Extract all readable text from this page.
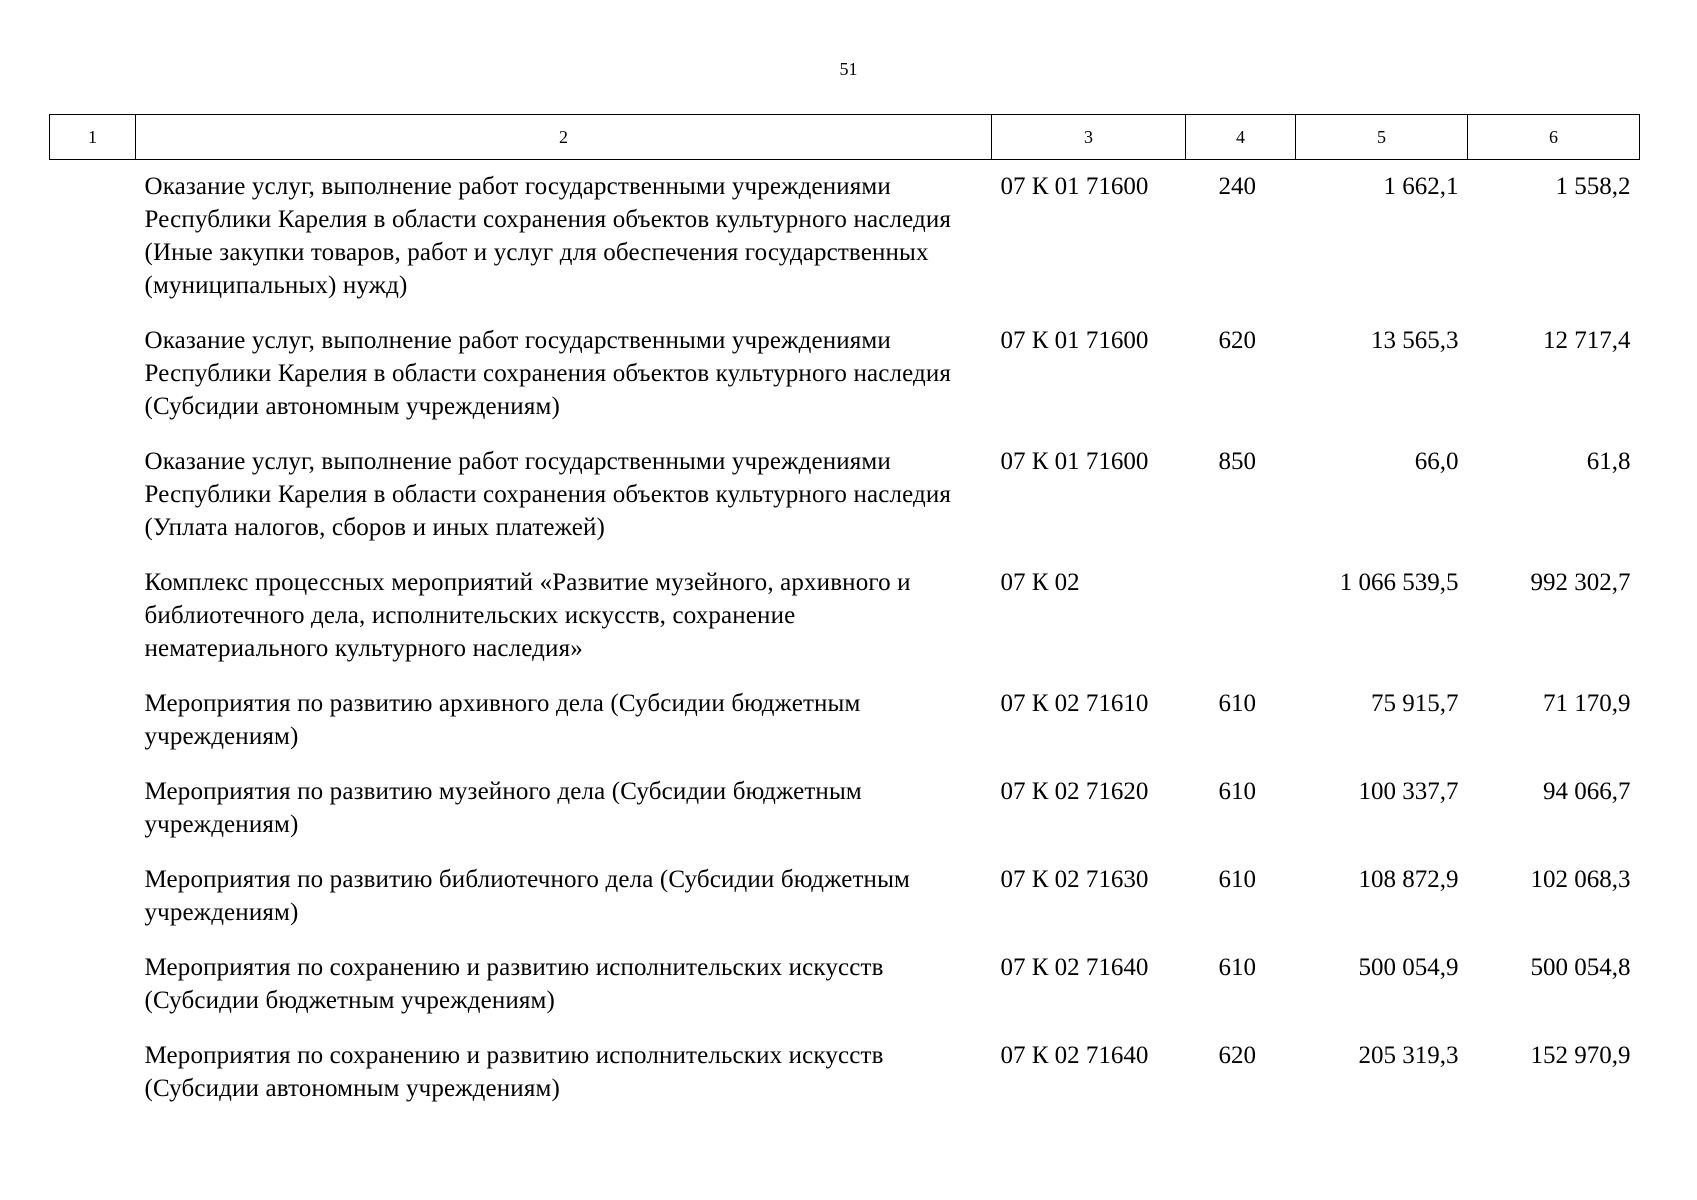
51
1	2	3	4	5	6
	Оказание услуг, выполнение работ государственными учреждениями Республики Карелия в области сохранения объектов культурного наследия (Иные закупки товаров, работ и услуг для обеспечения государственных (муниципальных) нужд)	07 К 01 71600	240	1 662,1	1 558,2
	Оказание услуг, выполнение работ государственными учреждениями Республики Карелия в области сохранения объектов культурного наследия (Субсидии автономным учреждениям)	07 К 01 71600	620	13 565,3	12 717,4
	Оказание услуг, выполнение работ государственными учреждениями Республики Карелия в области сохранения объектов культурного наследия (Уплата налогов, сборов и иных платежей)	07 К 01 71600	850	66,0	61,8
	Комплекс процессных мероприятий «Развитие музейного, архивного и библиотечного дела, исполнительских искусств, сохранение нематериального культурного наследия»	07 К 02		1 066 539,5	992 302,7
	Мероприятия по развитию архивного дела (Субсидии бюджетным учреждениям)	07 К 02 71610	610	75 915,7	71 170,9
	Мероприятия по развитию музейного дела (Субсидии бюджетным учреждениям)	07 К 02 71620	610	100 337,7	94 066,7
	Мероприятия по развитию библиотечного дела (Субсидии бюджетным учреждениям)	07 К 02 71630	610	108 872,9	102 068,3
	Мероприятия по сохранению и развитию исполнительских искусств (Субсидии бюджетным учреждениям)	07 К 02 71640	610	500 054,9	500 054,8
	Мероприятия по сохранению и развитию исполнительских искусств (Субсидии автономным учреждениям)	07 К 02 71640	620	205 319,3	152 970,9
